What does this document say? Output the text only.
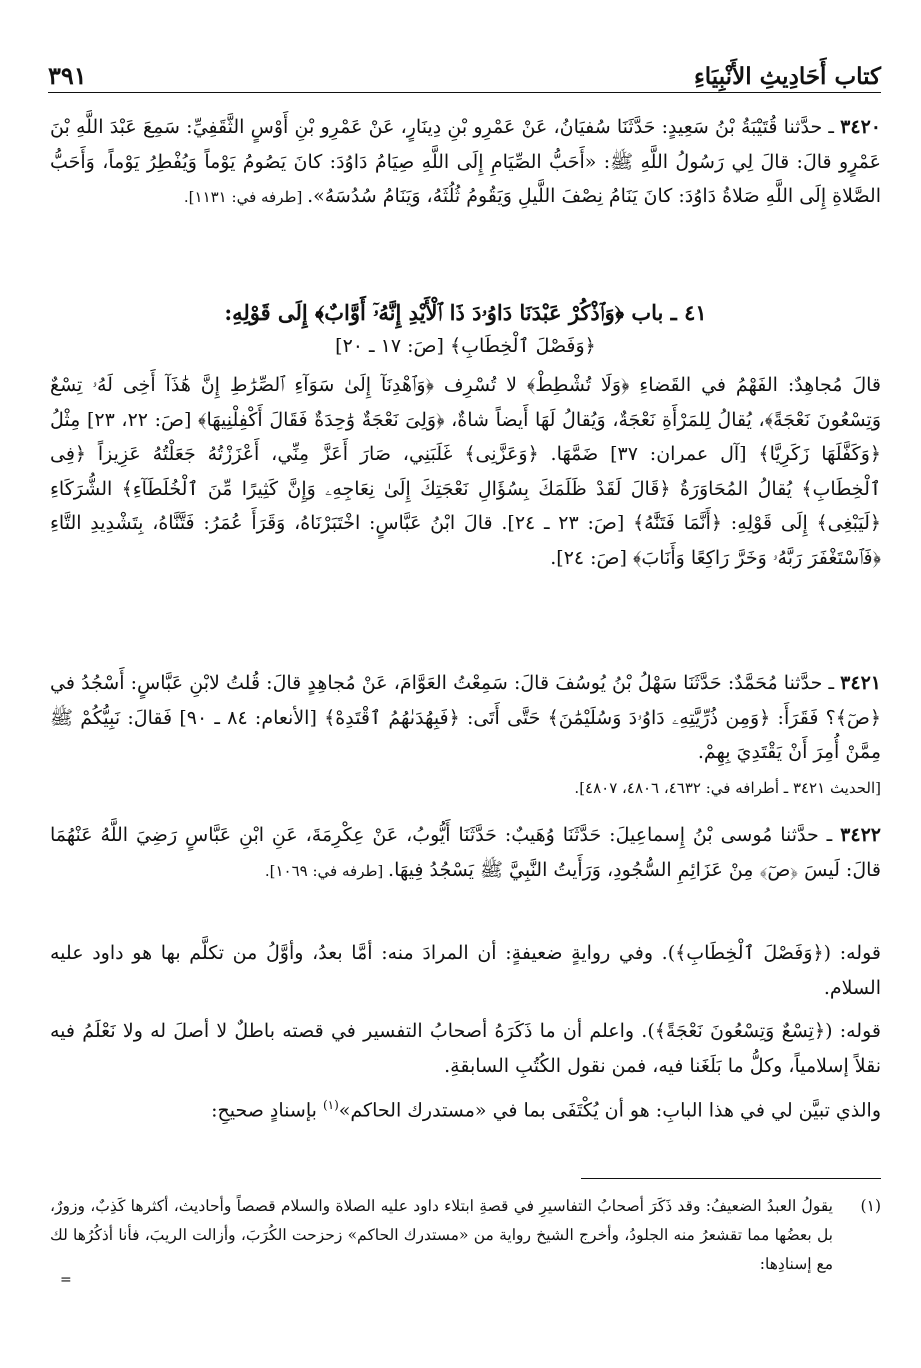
كتاب أَحَادِيثِ الأَنْبِيَاءِ
٣٩١

٣٤٢٠ ـ حدَّثنا قُتَيْبَةُ بْنُ سَعِيدٍ: حَدَّثَنَا سُفيَانُ، عَنْ عَمْرِو بْنِ دِينَارٍ، عَنْ عَمْرِو بْنِ أَوْسٍ الثَّقَفِيِّ: سَمِعَ عَبْدَ اللَّهِ بْنَ عَمْرٍو قالَ: قالَ لِي رَسُولُ اللَّهِ ﷺ: «أَحَبُّ الصِّيَامِ إِلَى اللَّهِ صِيَامُ دَاوُدَ: كانَ يَصُومُ يَوْماً وَيُفْطِرُ يَوْماً، وَأَحَبُّ الصَّلاةِ إِلَى اللَّهِ صَلاةُ دَاوُدَ: كانَ يَنَامُ نِصْفَ اللَّيلِ وَيَقُومُ ثُلُثَهُ، وَيَنَامُ سُدُسَهُ». [طرفه في: ١١٣١].

٤١ ـ باب ﴿وَٱذْكُرْ عَبْدَنَا دَاوُۥدَ ذَا ٱلْأَيْدِ إِنَّهُۥٓ أَوَّابٌ﴾ إِلَى قَوْلِهِ:
﴿وَفَصْلَ ٱلْخِطَابِ﴾ [صَ: ١٧ ـ ٢٠]

قالَ مُجاهِدٌ: الفَهْمُ في القَضاءِ ﴿وَلَا تُشْطِطْ﴾ لا تُسْرِف ﴿وَٱهْدِنَآ إِلَىٰ سَوَآءِ ٱلصِّرَٰطِ إِنَّ هَٰذَآ أَخِى لَهُۥ تِسْعٌ وَتِسْعُونَ نَعْجَةً﴾، يُقالُ لِلمَرْأَةِ نَعْجَةٌ، وَيُقالُ لَهَا أَيضاً شاةٌ، ﴿وَلِىَ نَعْجَةٌ وَٰحِدَةٌ فَقَالَ أَكْفِلْنِيهَا﴾ [صَ: ٢٢، ٢٣] مِثْلُ ﴿وَكَفَّلَهَا زَكَرِيَّا﴾ [آل عمران: ٣٧] ضَمَّهَا. ﴿وَعَزَّنِى﴾ غَلَبَنِي، صَارَ أَعَزَّ مِنِّي، أَعْزَزْتُهُ جَعَلْتُهُ عَزِيزاً ﴿فِى ٱلْخِطَابِ﴾ يُقالُ المُحَاوَرَةُ ﴿قَالَ لَقَدْ ظَلَمَكَ بِسُؤَالِ نَعْجَتِكَ إِلَىٰ نِعَاجِهِۦ وَإِنَّ كَثِيرًا مِّنَ ٱلْخُلَطَآءِ﴾ الشُّرَكَاءِ ﴿لَيَبْغِى﴾ إِلَى قَوْلِهِ: ﴿أَنَّمَا فَتَنَّٰهُ﴾ [صَ: ٢٣ ـ ٢٤]. قالَ ابْنُ عَبَّاسٍ: اخْتَبَرْنَاهُ، وَقَرَأَ عُمَرُ: فَتَّنَّاهُ، بِتَشْدِيدِ التَّاءِ ﴿فَٱسْتَغْفَرَ رَبَّهُۥ وَخَرَّ رَاكِعًا وَأَنَابَ﴾ [صَ: ٢٤].

٣٤٢١ ـ حدَّثنا مُحَمَّدٌ: حَدَّثَنَا سَهْلُ بْنُ يُوسُفَ قالَ: سَمِعْتُ العَوَّامَ، عَنْ مُجاهِدٍ قالَ: قُلتُ لابْنِ عَبَّاسٍ: أَسْجُدُ في ﴿صٓ﴾؟ فَقَرَأَ: ﴿وَمِن ذُرِّيَّتِهِۦ دَاوُۥدَ وَسُلَيْمَٰنَ﴾ حَتَّى أَتَى: ﴿فَبِهُدَىٰهُمُ ٱقْتَدِهْ﴾ [الأنعام: ٨٤ ـ ٩٠] فَقالَ: نَبِيُّكُمْ ﷺ مِمَّنْ أُمِرَ أَنْ يَقْتَدِيَ بِهِمْ.
[الحديث ٣٤٢١ ـ أطرافه في: ٤٦٣٢، ٤٨٠٦، ٤٨٠٧].

٣٤٢٢ ـ حدَّثنا مُوسى بْنُ إِسماعِيلَ: حَدَّثَنَا وُهَيبٌ: حَدَّثَنَا أَيُّوبُ، عَنْ عِكْرِمَةَ، عَنِ ابْنِ عَبَّاسٍ رَضِيَ اللَّهُ عَنْهُمَا قالَ: لَيسَ ﴿صٓ﴾ مِنْ عَزَائِمِ السُّجُودِ، وَرَأَيتُ النَّبِيَّ ﷺ يَسْجُدُ فِيهَا. [طرفه في: ١٠٦٩].

قوله: (﴿وَفَصْلَ ٱلْخِطَابِ﴾). وفي روايةٍ ضعيفةٍ: أن المرادَ منه: أمَّا بعدُ، وأوَّلُ من تكلَّم بها هو داود عليه السلام.

قوله: (﴿تِسْعٌ وَتِسْعُونَ نَعْجَةً﴾). واعلم أن ما ذَكَرَهُ أصحابُ التفسير في قصته باطلٌ لا أصلَ له ولا نَعْلَمُ فيه نقلاً إسلامياً، وكلُّ ما بَلَغَنا فيه، فمن نقول الكُتُبِ السابقةِ.

والذي تبيَّن لي في هذا البابِ: هو أن يُكْتَفَى بما في «مستدرك الحاكم»$^{(١)}$ بإسنادٍ صحيحٍ:

(١)
يقولُ العبدُ الضعيفُ: وقد ذَكَرَ أصحابُ التفاسيرِ في قصةِ ابتلاء داود عليه الصلاة والسلام قصصاً وأحاديث، أكثرها كَذِبٌ، وزورٌ، بل بعضُها مما تقشعرُ منه الجلودُ، وأخرج الشيخ رواية من «مستدرك الحاكم» زحزحت الكُرَبَ، وأزالت الريبَ، فأنا أذكُرُها لك مع إسنادِها:
=
